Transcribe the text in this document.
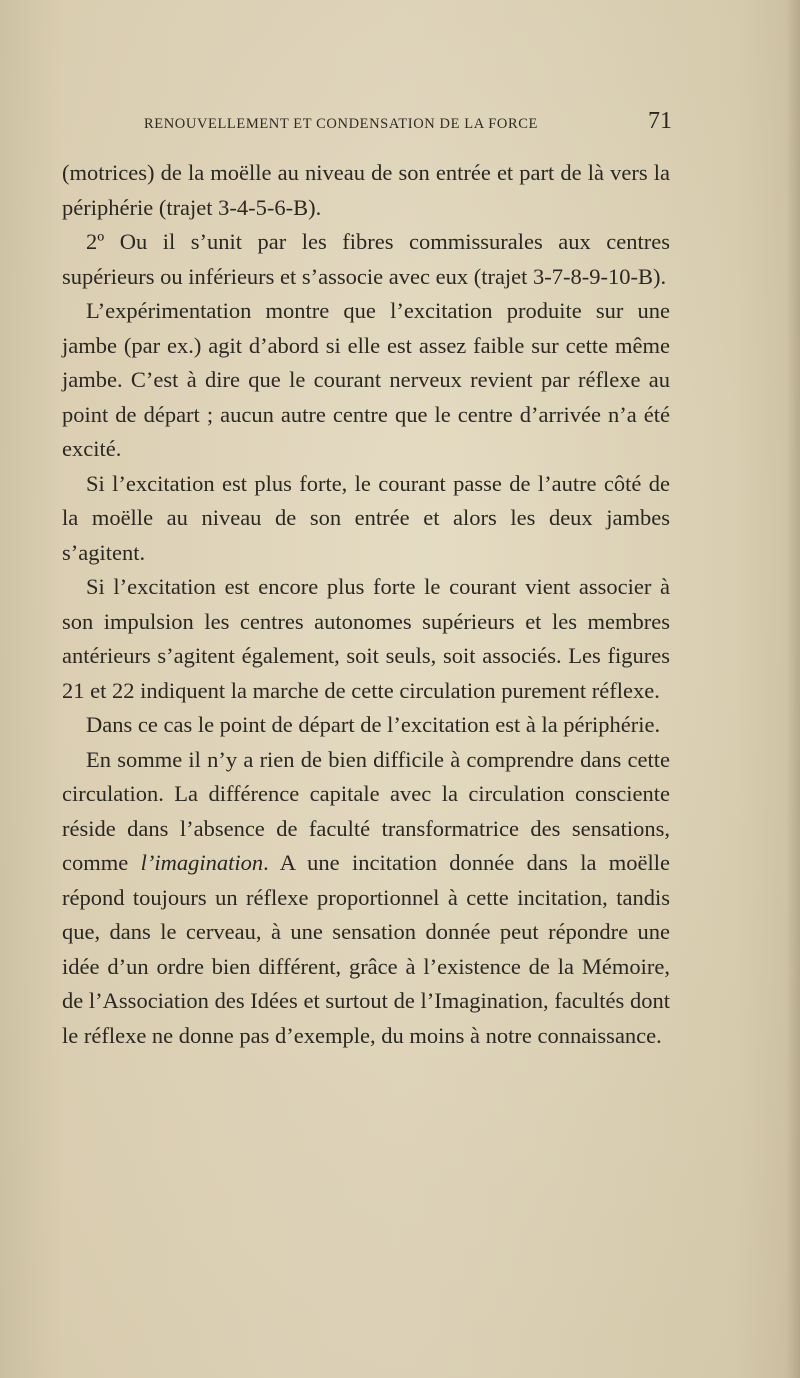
RENOUVELLEMENT ET CONDENSATION DE LA FORCE	71

(motrices) de la moëlle au niveau de son entrée et part de là vers la périphérie (trajet 3-4-5-6-B).

2º Ou il s’unit par les fibres commissurales aux centres supérieurs ou inférieurs et s’associe avec eux (trajet 3-7-8-9-10-B).

L’expérimentation montre que l’excitation produite sur une jambe (par ex.) agit d’abord si elle est assez faible sur cette même jambe. C’est à dire que le courant nerveux revient par réflexe au point de départ ; aucun autre centre que le centre d’arrivée n’a été excité.

Si l’excitation est plus forte, le courant passe de l’autre côté de la moëlle au niveau de son entrée et alors les deux jambes s’agitent.

Si l’excitation est encore plus forte le courant vient associer à son impulsion les centres autonomes supérieurs et les membres antérieurs s’agitent également, soit seuls, soit associés. Les figures 21 et 22 indiquent la marche de cette circulation purement réflexe.

Dans ce cas le point de départ de l’excitation est à la périphérie.

En somme il n’y a rien de bien difficile à comprendre dans cette circulation. La différence capitale avec la circulation consciente réside dans l’absence de faculté transformatrice des sensations, comme l’imagination. A une incitation donnée dans la moëlle répond toujours un réflexe proportionnel à cette incitation, tandis que, dans le cerveau, à une sensation donnée peut répondre une idée d’un ordre bien différent, grâce à l’existence de la Mémoire, de l’Association des Idées et surtout de l’Imagination, facultés dont le réflexe ne donne pas d’exemple, du moins à notre connaissance.
